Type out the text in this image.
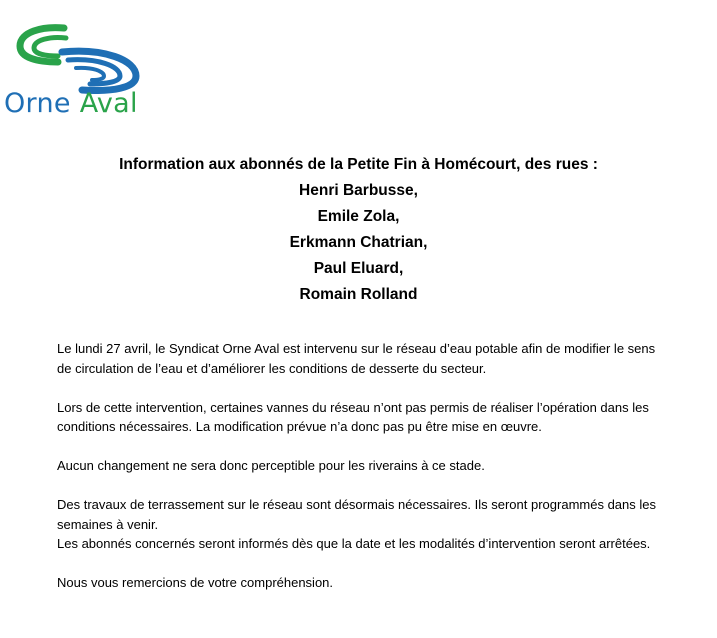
Orne Aval
Information aux abonnés de la Petite Fin à Homécourt, des rues :
Henri Barbusse,
Emile Zola,
Erkmann Chatrian,
Paul Eluard,
Romain Rolland

Le lundi 27 avril, le Syndicat Orne Aval est intervenu sur le réseau d’eau potable afin de modifier le sens
de circulation de l’eau et d’améliorer les conditions de desserte du secteur.

Lors de cette intervention, certaines vannes du réseau n’ont pas permis de réaliser l’opération dans les
conditions nécessaires. La modification prévue n’a donc pas pu être mise en œuvre.

Aucun changement ne sera donc perceptible pour les riverains à ce stade.

Des travaux de terrassement sur le réseau sont désormais nécessaires. Ils seront programmés dans les
semaines à venir.
Les abonnés concernés seront informés dès que la date et les modalités d’intervention seront arrêtées.

Nous vous remercions de votre compréhension.
